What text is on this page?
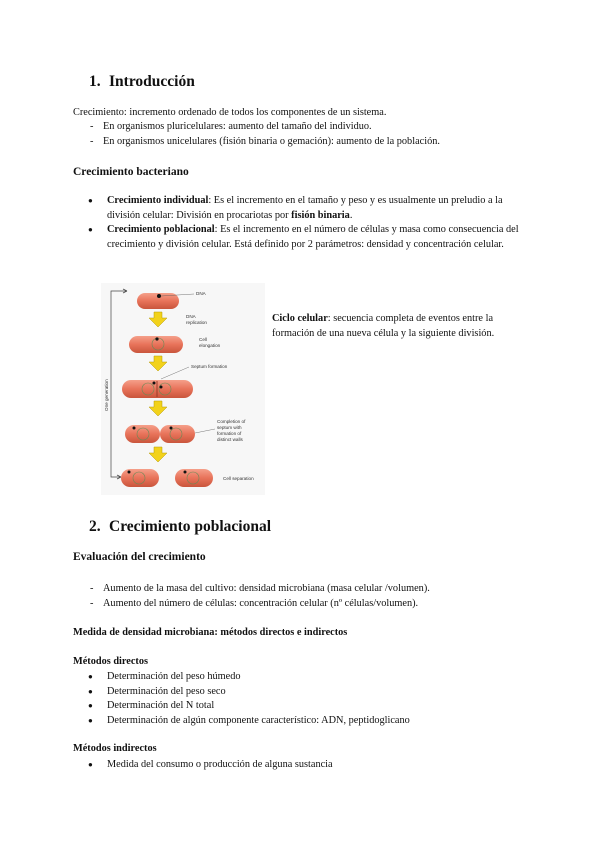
1. Introducción

Crecimiento: incremento ordenado de todos los componentes de un sistema.

- En organismos pluricelulares: aumento del tamaño del individuo.
- En organismos unicelulares (fisión binaria o gemación): aumento de la población.
Crecimiento bacteriano
● Crecimiento individual: Es el incremento en el tamaño y peso y es usualmente un preludio a la división celular: División en procariotas por fisión binaria.
● Crecimiento poblacional: Es el incremento en el número de células y masa como consecuencia del crecimiento y división celular. Está definido por 2 parámetros: densidad y concentración celular.
One generation
DNA
DNA
replication
Cell
elongation
Septum formation
Completion of
septum with
formation of
distinct walls
Cell separation

Ciclo celular: secuencia completa de eventos entre la formación de una nueva célula y la siguiente división.

2. Crecimiento poblacional
Evaluación del crecimiento
- Aumento de la masa del cultivo: densidad microbiana (masa celular /volumen).
- Aumento del número de células: concentración celular (nº células/volumen).
Medida de densidad microbiana: métodos directos e indirectos
Métodos directos
● Determinación del peso húmedo
● Determinación del peso seco
● Determinación del N total
● Determinación de algún componente característico: ADN, peptidoglicano
Métodos indirectos
● Medida del consumo o producción de alguna sustancia
